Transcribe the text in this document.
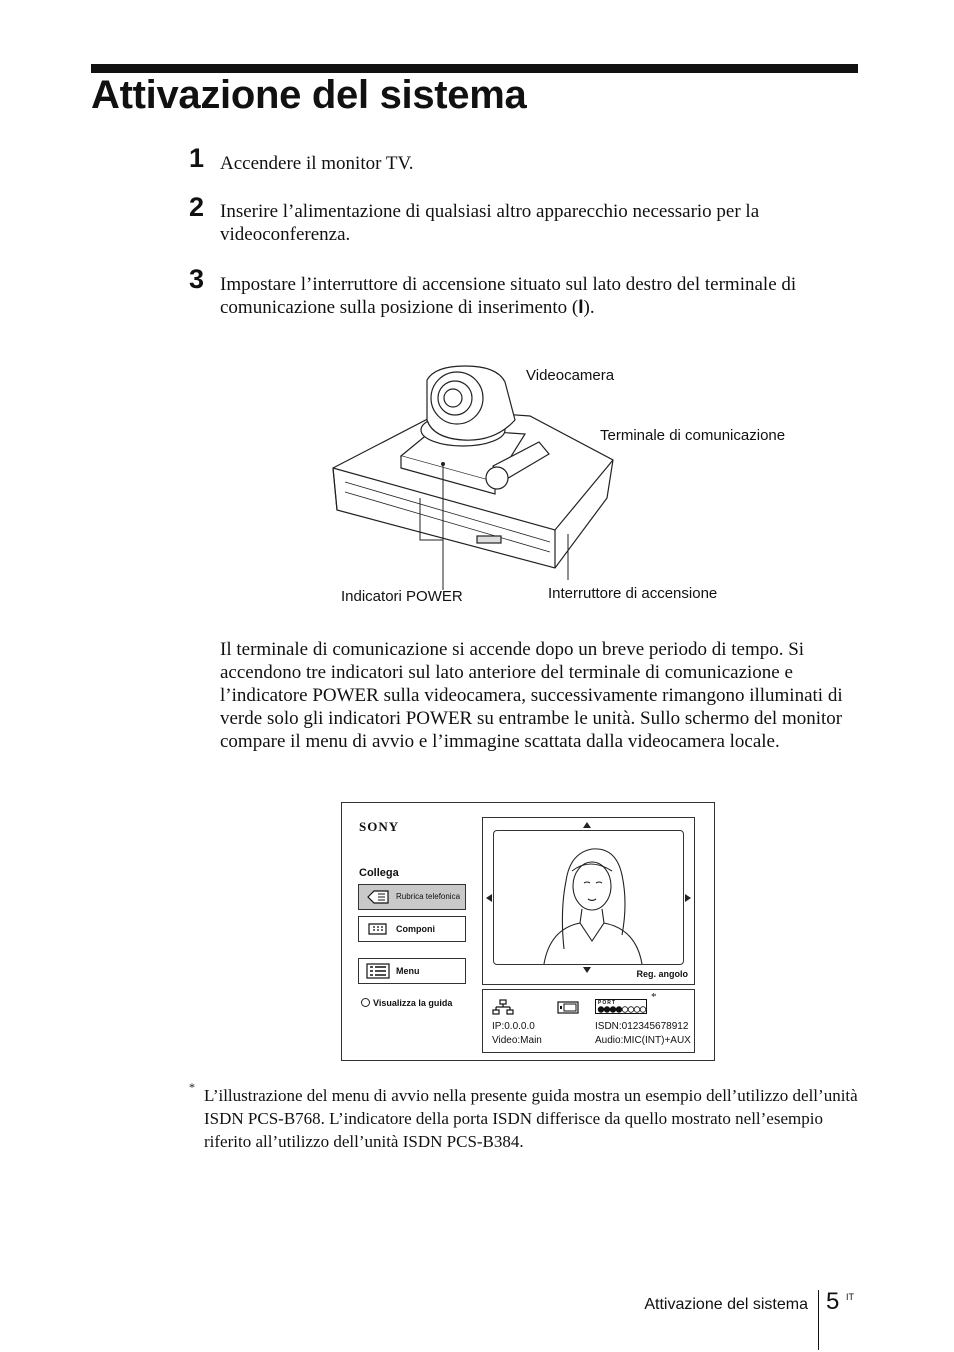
Attivazione del sistema
1 Accendere il monitor TV.
2 Inserire l’alimentazione di qualsiasi altro apparecchio necessario per la videoconferenza.
3 Impostare l’interruttore di accensione situato sul lato destro del terminale di comunicazione sulla posizione di inserimento (I).
Videocamera
Terminale di comunicazione
Indicatori POWER	Interruttore di accensione
Il terminale di comunicazione si accende dopo un breve periodo di tempo. Si accendono tre indicatori sul lato anteriore del terminale di comunicazione e l’indicatore POWER sulla videocamera, successivamente rimangono illuminati di verde solo gli indicatori POWER su entrambe le unità. Sullo schermo del monitor compare il menu di avvio e l’immagine scattata dalla videocamera locale.
SONY
Collega
Rubrica telefonica
Componi
Menu
Visualizza la guida
Reg. angolo
PORT	*
IP:0.0.0.0
Video:Main
ISDN:012345678912
Audio:MIC(INT)+AUX
* L’illustrazione del menu di avvio nella presente guida mostra un esempio dell’utilizzo dell’unità ISDN PCS-B768. L’indicatore della porta ISDN differisce da quello mostrato nell’esempio riferito all’utilizzo dell’unità ISDN PCS-B384.
Attivazione del sistema 5 IT
